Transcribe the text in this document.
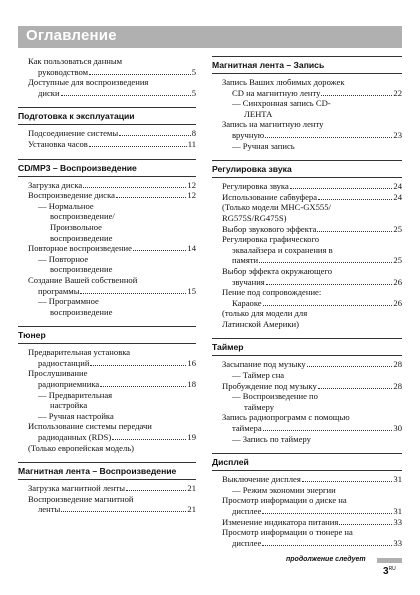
Оглавление
Как пользоваться данным
руководством	5
Доступные для воспроизведения
диски	5
Подготовка к эксплуатации
Подсоединение системы	8
Установка часов	11
CD/MP3 – Воспроизведение
Загрузка диска	12
Воспроизведение диска	12
— Нормальное
воспроизведение/
Произвольное
воспроизведение
Повторное воспроизведение	14
— Повторное
воспроизведение
Создание Вашей собственной
программы	15
— Программное
воспроизведение
Тюнер
Предварительная установка
радиостанций	16
Прослушивание
радиоприемника	18
— Предварительная
настройка
— Ручная настройка
Использование системы передачи
радиоданных (RDS)	19
(Только европейская модель)
Магнитная лента – Воспроизведение
Загрузка магнитной ленты	21
Воспроизведение магнитной
ленты	21
Магнитная лента – Запись
Запись Ваших любимых дорожек
CD на магнитную ленту	22
— Синхронная запись CD-
ЛЕНТА
Запись на магнитную ленту
вручную	23
— Ручная запись
Регулировка звука
Регулировка звука	24
Использование сабвуфера	24
(Только модели MHC-GX555/
RG575S/RG475S)
Выбор звукового эффекта	25
Регулировка графического
эквалайзера и сохранения в
памяти	25
Выбор эффекта окружающего
звучания	26
Пение под сопровождение:
Караоке	26
(только для модели для
Латинской Америки)
Таймер
Засыпание под музыку	28
— Таймер сна
Пробуждение под музыку	28
— Воспроизведение по
таймеру
Запись радиопрограмм с помощью
таймера	30
— Запись по таймеру
Дисплей
Выключение дисплея	31
— Режим экономии энергии
Просмотр информации о диске на
дисплее	31
Изменение индикатора питания	33
Просмотр информации о тюнере на
дисплее	33
продолжение следует
$3^{RU}$
